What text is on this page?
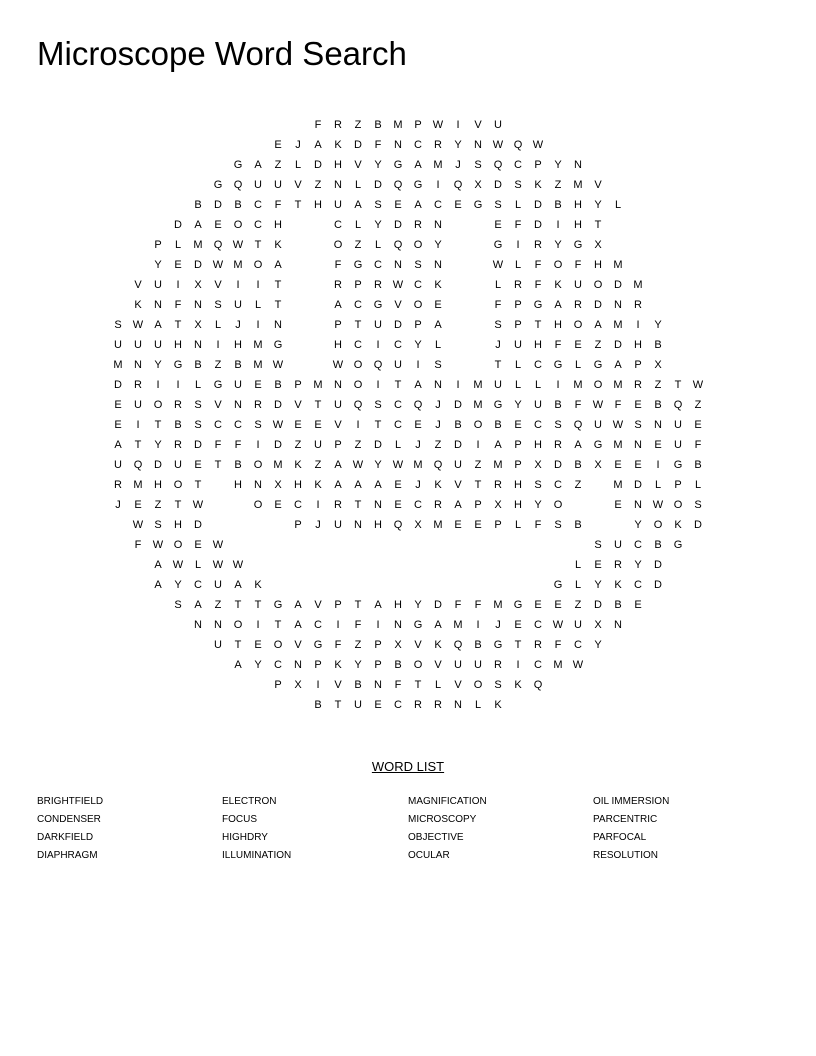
Microscope Word Search
F	R	Z	B	M	P	W	I	V	U
E	J	A	K	D	F	N	C	R	Y	N W Q W
G	A	Z	L	D	H	V	Y	G	A	M	J	S	Q	C	P	Y	N
G	Q	U	U	V	Z	N	L	D	Q	G	I	Q	X	D	S	K	Z	M	V
B	D	B	C	F	T	H	U	A	S	E	A	C	E	G	S	L	D	B	H	Y	L
D	A	E	O	C	H	C	L	Y	D	R	N	E	F	D	I	H	T
P	L	M	Q W	T	K	O	Z	L	Q	O	Y	G	I	R	Y	G	X
Y	E	D W M	O	A	F	G	C	N	S	N	W	L	F	O	F	H	M
V	U	I	X	V	I	I	T	R	P	R W C	K	L	R	F	K	U	O	D	M
K	N	F	N	S	U	L	T	A	C	G	V	O	E	F	P	G	A	R	D	N	R
S	W	A	T	X	L	J	I	N	P	T	U	D	P	A	S	P	T	H	O	A	M	I	Y
U	U	U	H	N	I	H	M	G	H	C	I	C	Y	L	J	U	H	F	E	Z	D	H	B
M	N	Y	G	B	Z	B	M W	W O	Q	U	I	S	T	L	C	G	L	G	A	P	X
D	R	I	I	L	G	U	E	B	P	M	N	O	I	T	A	N	I	M	U	L	L	I	M	O	M	R	Z	T	W
E	U	O	R	S	V	N	R	D	V	T	U	Q	S	C	Q	J	D	M	G	Y	U	B	F	W	F	E	B	Q	Z
E	I	T	B	S	C	C	S	W	E	E	V	I	T	C	E	J	B	O	B	E	C	S	Q	U W	S	N	U	E
A	T	Y	R	D	F	F	I	D	Z	U	P	Z	D	L	J	Z	D	I	A	P	H	R	A	G	M	N	E	U	F
U	Q	D	U	E	T	B	O	M	K	Z	A	W	Y	W M	Q	U	Z	M	P	X	D	B	X	E	E	I	G	B
R	M	H	O	T	H	N	X	H	K	A	A	A	E	J	K	V	T	R	H	S	C	Z	M	D	L	P	L
J	E	Z	T	W	O	E	C	I	R	T	N	E	C	R	A	P	X	H	Y	O	E	N W O	S
W	S	H	D	P	J	U	N	H	Q	X	M	E	E	P	L	F	S	B	Y	O	K	D
F	W O	E	W	S	U	C	B	G
A	W	L	W W	L	E	R	Y	D
A	Y	C	U	A	K	G	L	Y	K	C	D
S	A	Z	T	T	G	A	V	P	T	A	H	Y	D	F	F	M	G	E	E	Z	D	B	E
N	N	O	I	T	A	C	I	F	I	N	G	A	M	I	J	E	C W U	X	N
U	T	E	O	V	G	F	Z	P	X	V	K	Q	B	G	T	R	F	C	Y
A	Y	C	N	P	K	Y	P	B	O	V	U	U	R	I	C	M W
P	X	I	V	B	N	F	T	L	V	O	S	K	Q
B	T	U	E	C	R	R	N	L	K
WORD LIST
BRIGHTFIELD
CONDENSER
DARKFIELD
DIAPHRAGM
ELECTRON
FOCUS
HIGHDRY
ILLUMINATION
MAGNIFICATION
MICROSCOPY
OBJECTIVE
OCULAR
OIL IMMERSION
PARCENTRIC
PARFOCAL
RESOLUTION
